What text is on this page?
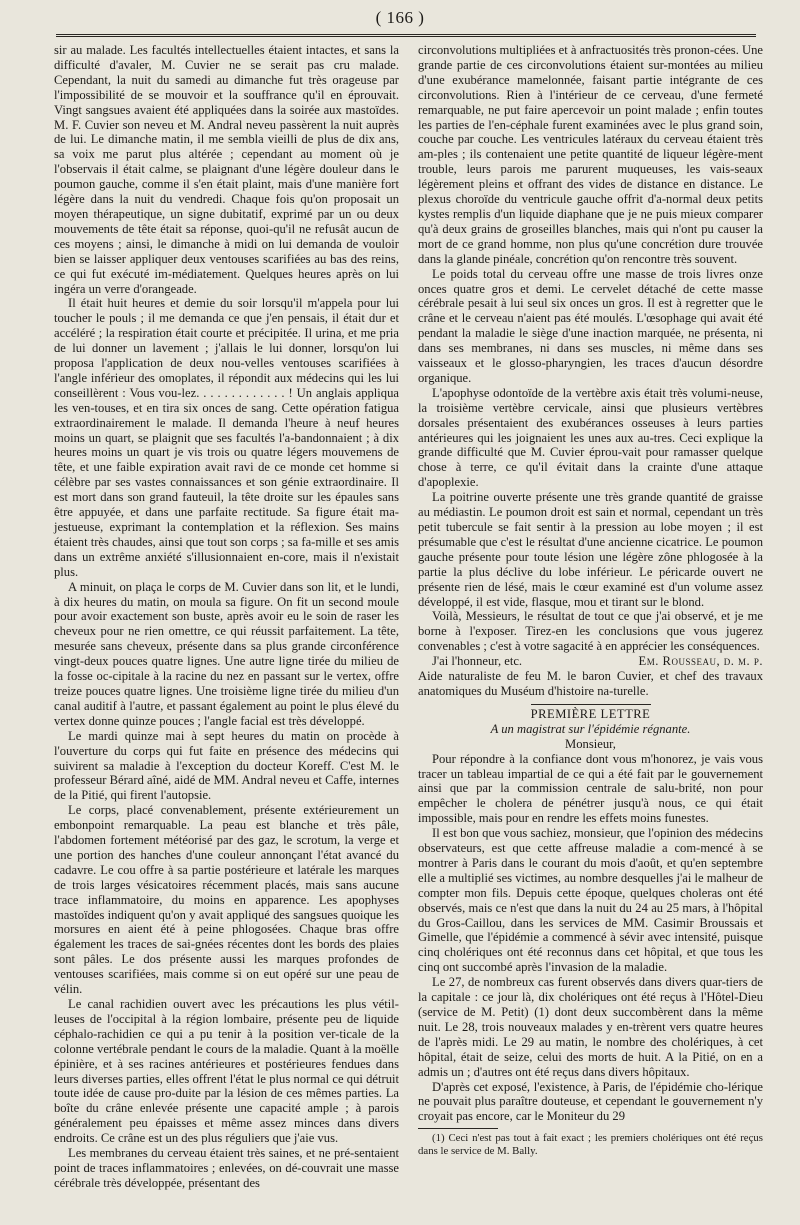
( 166 )

sir au malade. Les facultés intellectuelles étaient intactes, et sans la difficulté d'avaler, M. Cuvier ne se serait pas cru malade. Cependant, la nuit du samedi au dimanche fut très orageuse par l'impossibilité de se mouvoir et la souffrance qu'il en éprouvait. Vingt sangsues avaient été appliquées dans la soirée aux mastoïdes. M. F. Cuvier son neveu et M. Andral neveu passèrent la nuit auprès de lui. Le dimanche matin, il me sembla vieilli de plus de dix ans, sa voix me parut plus altérée ; cependant au moment où je l'observais il était calme, se plaignant d'une légère douleur dans le poumon gauche, comme il s'en était plaint, mais d'une manière fort légère dans la nuit du vendredi. Chaque fois qu'on proposait un moyen thérapeutique, un signe dubitatif, exprimé par un ou deux mouvements de tête était sa réponse, quoi-qu'il ne refusât aucun de ces moyens ; ainsi, le dimanche à midi on lui demanda de vouloir bien se laisser appliquer deux ventouses scarifiées au bas des reins, ce qui fut exécuté im-médiatement. Quelques heures après on lui ingéra un verre d'orangeade.

Il était huit heures et demie du soir lorsqu'il m'appela pour lui toucher le pouls ; il me demanda ce que j'en pensais, il était dur et accéléré ; la respiration était courte et précipitée. Il urina, et me pria de lui donner un lavement ; j'allais le lui donner, lorsqu'on lui proposa l'application de deux nou-velles ventouses scarifiées à l'angle inférieur des omoplates, il répondit aux médecins qui les lui conseillèrent : Vous vou-lez. . . . . . . . . . . . . ! Un anglais appliqua les ven-touses, et en tira six onces de sang. Cette opération fatigua extraordinairement le malade. Il demanda l'heure à neuf heures moins un quart, se plaignit que ses facultés l'a-bandonnaient ; à dix heures moins un quart je vis trois ou quatre légers mouvemens de tête, et une faible expiration avait ravi de ce monde cet homme si célèbre par ses vastes connaissances et son génie extraordinaire. Il est mort dans son grand fauteuil, la tête droite sur les épaules sans être appuyée, et dans une parfaite rectitude. Sa figure était ma-jestueuse, exprimant la contemplation et la réflexion. Ses mains étaient très chaudes, ainsi que tout son corps ; sa fa-mille et ses amis dans un extrême anxiété s'illusionnaient en-core, mais il n'existait plus.

A minuit, on plaça le corps de M. Cuvier dans son lit, et le lundi, à dix heures du matin, on moula sa figure. On fit un second moule pour avoir exactement son buste, après avoir eu le soin de raser les cheveux pour ne rien omettre, ce qui réussit parfaitement. La tête, mesurée sans cheveux, présente dans sa plus grande circonférence vingt-deux pouces quatre lignes. Une autre ligne tirée du milieu de la fosse oc-cipitale à la racine du nez en passant sur le vertex, offre treize pouces quatre lignes. Une troisième ligne tirée du milieu d'un canal auditif à l'autre, et passant également au point le plus élevé du vertex donne quinze pouces ; l'angle facial est très développé.

Le mardi quinze mai à sept heures du matin on procède à l'ouverture du corps qui fut faite en présence des médecins qui suivirent sa maladie à l'exception du docteur Koreff. C'est M. le professeur Bérard aîné, aidé de MM. Andral neveu et Caffe, internes de la Pitié, qui firent l'autopsie.

Le corps, placé convenablement, présente extérieurement un embonpoint remarquable. La peau est blanche et très pâle, l'abdomen fortement météorisé par des gaz, le scrotum, la verge et une portion des hanches d'une couleur annonçant l'état avancé du cadavre. Le cou offre à sa partie postérieure et latérale les marques de trois larges vésicatoires récemment placés, mais sans aucune trace inflammatoire, du moins en apparence. Les apophyses mastoïdes indiquent qu'on y avait appliqué des sangsues quoique les morsures en aient été à peine phlogosées. Chaque bras offre également les traces de sai-gnées récentes dont les bords des plaies sont pâles. Le dos présente aussi les marques profondes de ventouses scarifiées, mais comme si on eut opéré sur une peau de vélin.

Le canal rachidien ouvert avec les précautions les plus vétil-leuses de l'occipital à la région lombaire, présente peu de liquide céphalo-rachidien ce qui a pu tenir à la position ver-ticale de la colonne vertébrale pendant le cours de la maladie. Quant à la moëlle épinière, et à ses racines antérieures et postérieures fendues dans leurs diverses parties, elles offrent l'état le plus normal ce qui détruit toute idée de cause pro-duite par la lésion de ces mêmes parties. La boîte du crâne enlevée présente une capacité ample ; à parois généralement peu épaisses et même assez minces dans divers endroits. Ce crâne est un des plus réguliers que j'aie vus.

Les membranes du cerveau étaient très saines, et ne pré-sentaient point de traces inflammatoires ; enlevées, on dé-couvrait une masse cérébrale très développée, présentant des

circonvolutions multipliées et à anfractuosités très pronon-cées. Une grande partie de ces circonvolutions étaient sur-montées au milieu d'une exubérance mamelonnée, faisant partie intégrante de ces circonvolutions. Rien à l'intérieur de ce cerveau, d'une fermeté remarquable, ne put faire apercevoir un point malade ; enfin toutes les parties de l'en-céphale furent examinées avec le plus grand soin, couche par couche. Les ventricules latéraux du cerveau étaient très am-ples ; ils contenaient une petite quantité de liqueur légère-ment trouble, leurs parois me parurent muqueuses, les vais-seaux légèrement pleins et offrant des vides de distance en distance. Le plexus choroïde du ventricule gauche offrit d'a-normal deux petits kystes remplis d'un liquide diaphane que je ne puis mieux comparer qu'à deux grains de groseilles blanches, mais qui n'ont pu causer la mort de ce grand homme, non plus qu'une concrétion dure trouvée dans la glande pinéale, concrétion qu'on rencontre très souvent.

Le poids total du cerveau offre une masse de trois livres onze onces quatre gros et demi. Le cervelet détaché de cette masse cérébrale pesait à lui seul six onces un gros. Il est à regretter que le crâne et le cerveau n'aient pas été moulés. L'œsophage qui avait été pendant la maladie le siège d'une inaction marquée, ne présenta, ni dans ses membranes, ni dans ses muscles, ni même dans ses vaisseaux et le glosso-pharyngien, les traces d'aucun désordre organique.

L'apophyse odontoïde de la vertèbre axis était très volumi-neuse, la troisième vertèbre cervicale, ainsi que plusieurs vertèbres dorsales présentaient des exubérances osseuses à leurs parties antérieures qui les joignaient les unes aux au-tres. Ceci explique la grande difficulté que M. Cuvier éprou-vait pour ramasser quelque chose à terre, ce qu'il évitait dans la crainte d'une attaque d'apoplexie.

La poitrine ouverte présente une très grande quantité de graisse au médiastin. Le poumon droit est sain et normal, cependant un très petit tubercule se fait sentir à la pression au lobe moyen ; il est présumable que c'est le résultat d'une ancienne cicatrice. Le poumon gauche présente pour toute lésion une légère zône phlogosée à la partie la plus déclive du lobe inférieur. Le péricarde ouvert ne présente rien de lésé, mais le cœur examiné est d'un volume assez développé, il est vide, flasque, mou et tirant sur le blond.

Voilà, Messieurs, le résultat de tout ce que j'ai observé, et je me borne à l'exposer. Tirez-en les conclusions que vous jugerez convenables ; c'est à votre sagacité à en apprécier les conséquences.

J'ai l'honneur, etc.	Em. Rousseau, d. m. p.

Aide naturaliste de feu M. le baron Cuvier, et chef des travaux anatomiques du Muséum d'histoire na-turelle.

PREMIÈRE LETTRE

A un magistrat sur l'épidémie régnante.

Monsieur,

Pour répondre à la confiance dont vous m'honorez, je vais vous tracer un tableau impartial de ce qui a été fait par le gouvernement ainsi que par la commission centrale de salu-brité, non pour empêcher le cholera de pénétrer jusqu'à nous, ce qui était impossible, mais pour en rendre les effets moins funestes.

Il est bon que vous sachiez, monsieur, que l'opinion des médecins observateurs, est que cette affreuse maladie a com-mencé à se montrer à Paris dans le courant du mois d'août, et qu'en septembre elle a multiplié ses victimes, au nombre desquelles j'ai le malheur de compter mon fils. Depuis cette époque, quelques choleras ont été observés, mais ce n'est que dans la nuit du 24 au 25 mars, à l'hôpital du Gros-Caillou, dans les services de MM. Casimir Broussais et Gimelle, que l'épidémie a commencé à sévir avec intensité, puisque cinq cholériques ont été reconnus dans cet hôpital, et que tous les cinq ont succombé après l'invasion de la maladie.

Le 27, de nombreux cas furent observés dans divers quar-tiers de la capitale : ce jour là, dix cholériques ont été reçus à l'Hôtel-Dieu (service de M. Petit) (1) dont deux succombèrent dans la même nuit. Le 28, trois nouveaux malades y en-trèrent vers quatre heures de l'après midi. Le 29 au matin, le nombre des cholériques, à cet hôpital, était de seize, celui des morts de huit. A la Pitié, on en a admis un ; d'autres ont été reçus dans divers hôpitaux.

D'après cet exposé, l'existence, à Paris, de l'épidémie cho-lérique ne pouvait plus paraître douteuse, et cependant le gouvernement n'y croyait pas encore, car le Moniteur du 29

(1) Ceci n'est pas tout à fait exact ; les premiers cholériques ont été reçus dans le service de M. Bally.
